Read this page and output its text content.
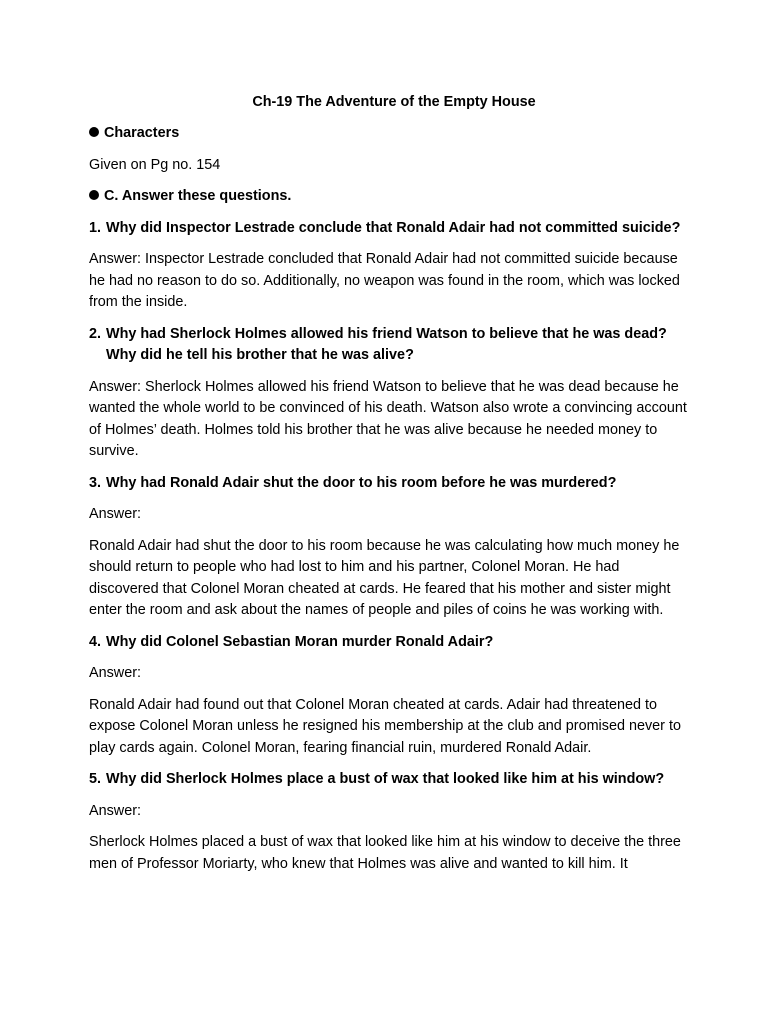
Ch-19 The Adventure of the Empty House
Characters
Given on Pg no. 154
C. Answer these questions.
1. Why did Inspector Lestrade conclude that Ronald Adair had not committed suicide?
Answer: Inspector Lestrade concluded that Ronald Adair had not committed suicide because he had no reason to do so. Additionally, no weapon was found in the room, which was locked from the inside.
2. Why had Sherlock Holmes allowed his friend Watson to believe that he was dead? Why did he tell his brother that he was alive?
Answer: Sherlock Holmes allowed his friend Watson to believe that he was dead because he wanted the whole world to be convinced of his death. Watson also wrote a convincing account of Holmes’ death. Holmes told his brother that he was alive because he needed money to survive.
3. Why had Ronald Adair shut the door to his room before he was murdered?
Answer:
Ronald Adair had shut the door to his room because he was calculating how much money he should return to people who had lost to him and his partner, Colonel Moran. He had discovered that Colonel Moran cheated at cards. He feared that his mother and sister might enter the room and ask about the names of people and piles of coins he was working with.
4. Why did Colonel Sebastian Moran murder Ronald Adair?
Answer:
Ronald Adair had found out that Colonel Moran cheated at cards. Adair had threatened to expose Colonel Moran unless he resigned his membership at the club and promised never to play cards again. Colonel Moran, fearing financial ruin, murdered Ronald Adair.
5. Why did Sherlock Holmes place a bust of wax that looked like him at his window?
Answer:
Sherlock Holmes placed a bust of wax that looked like him at his window to deceive the three men of Professor Moriarty, who knew that Holmes was alive and wanted to kill him. It
